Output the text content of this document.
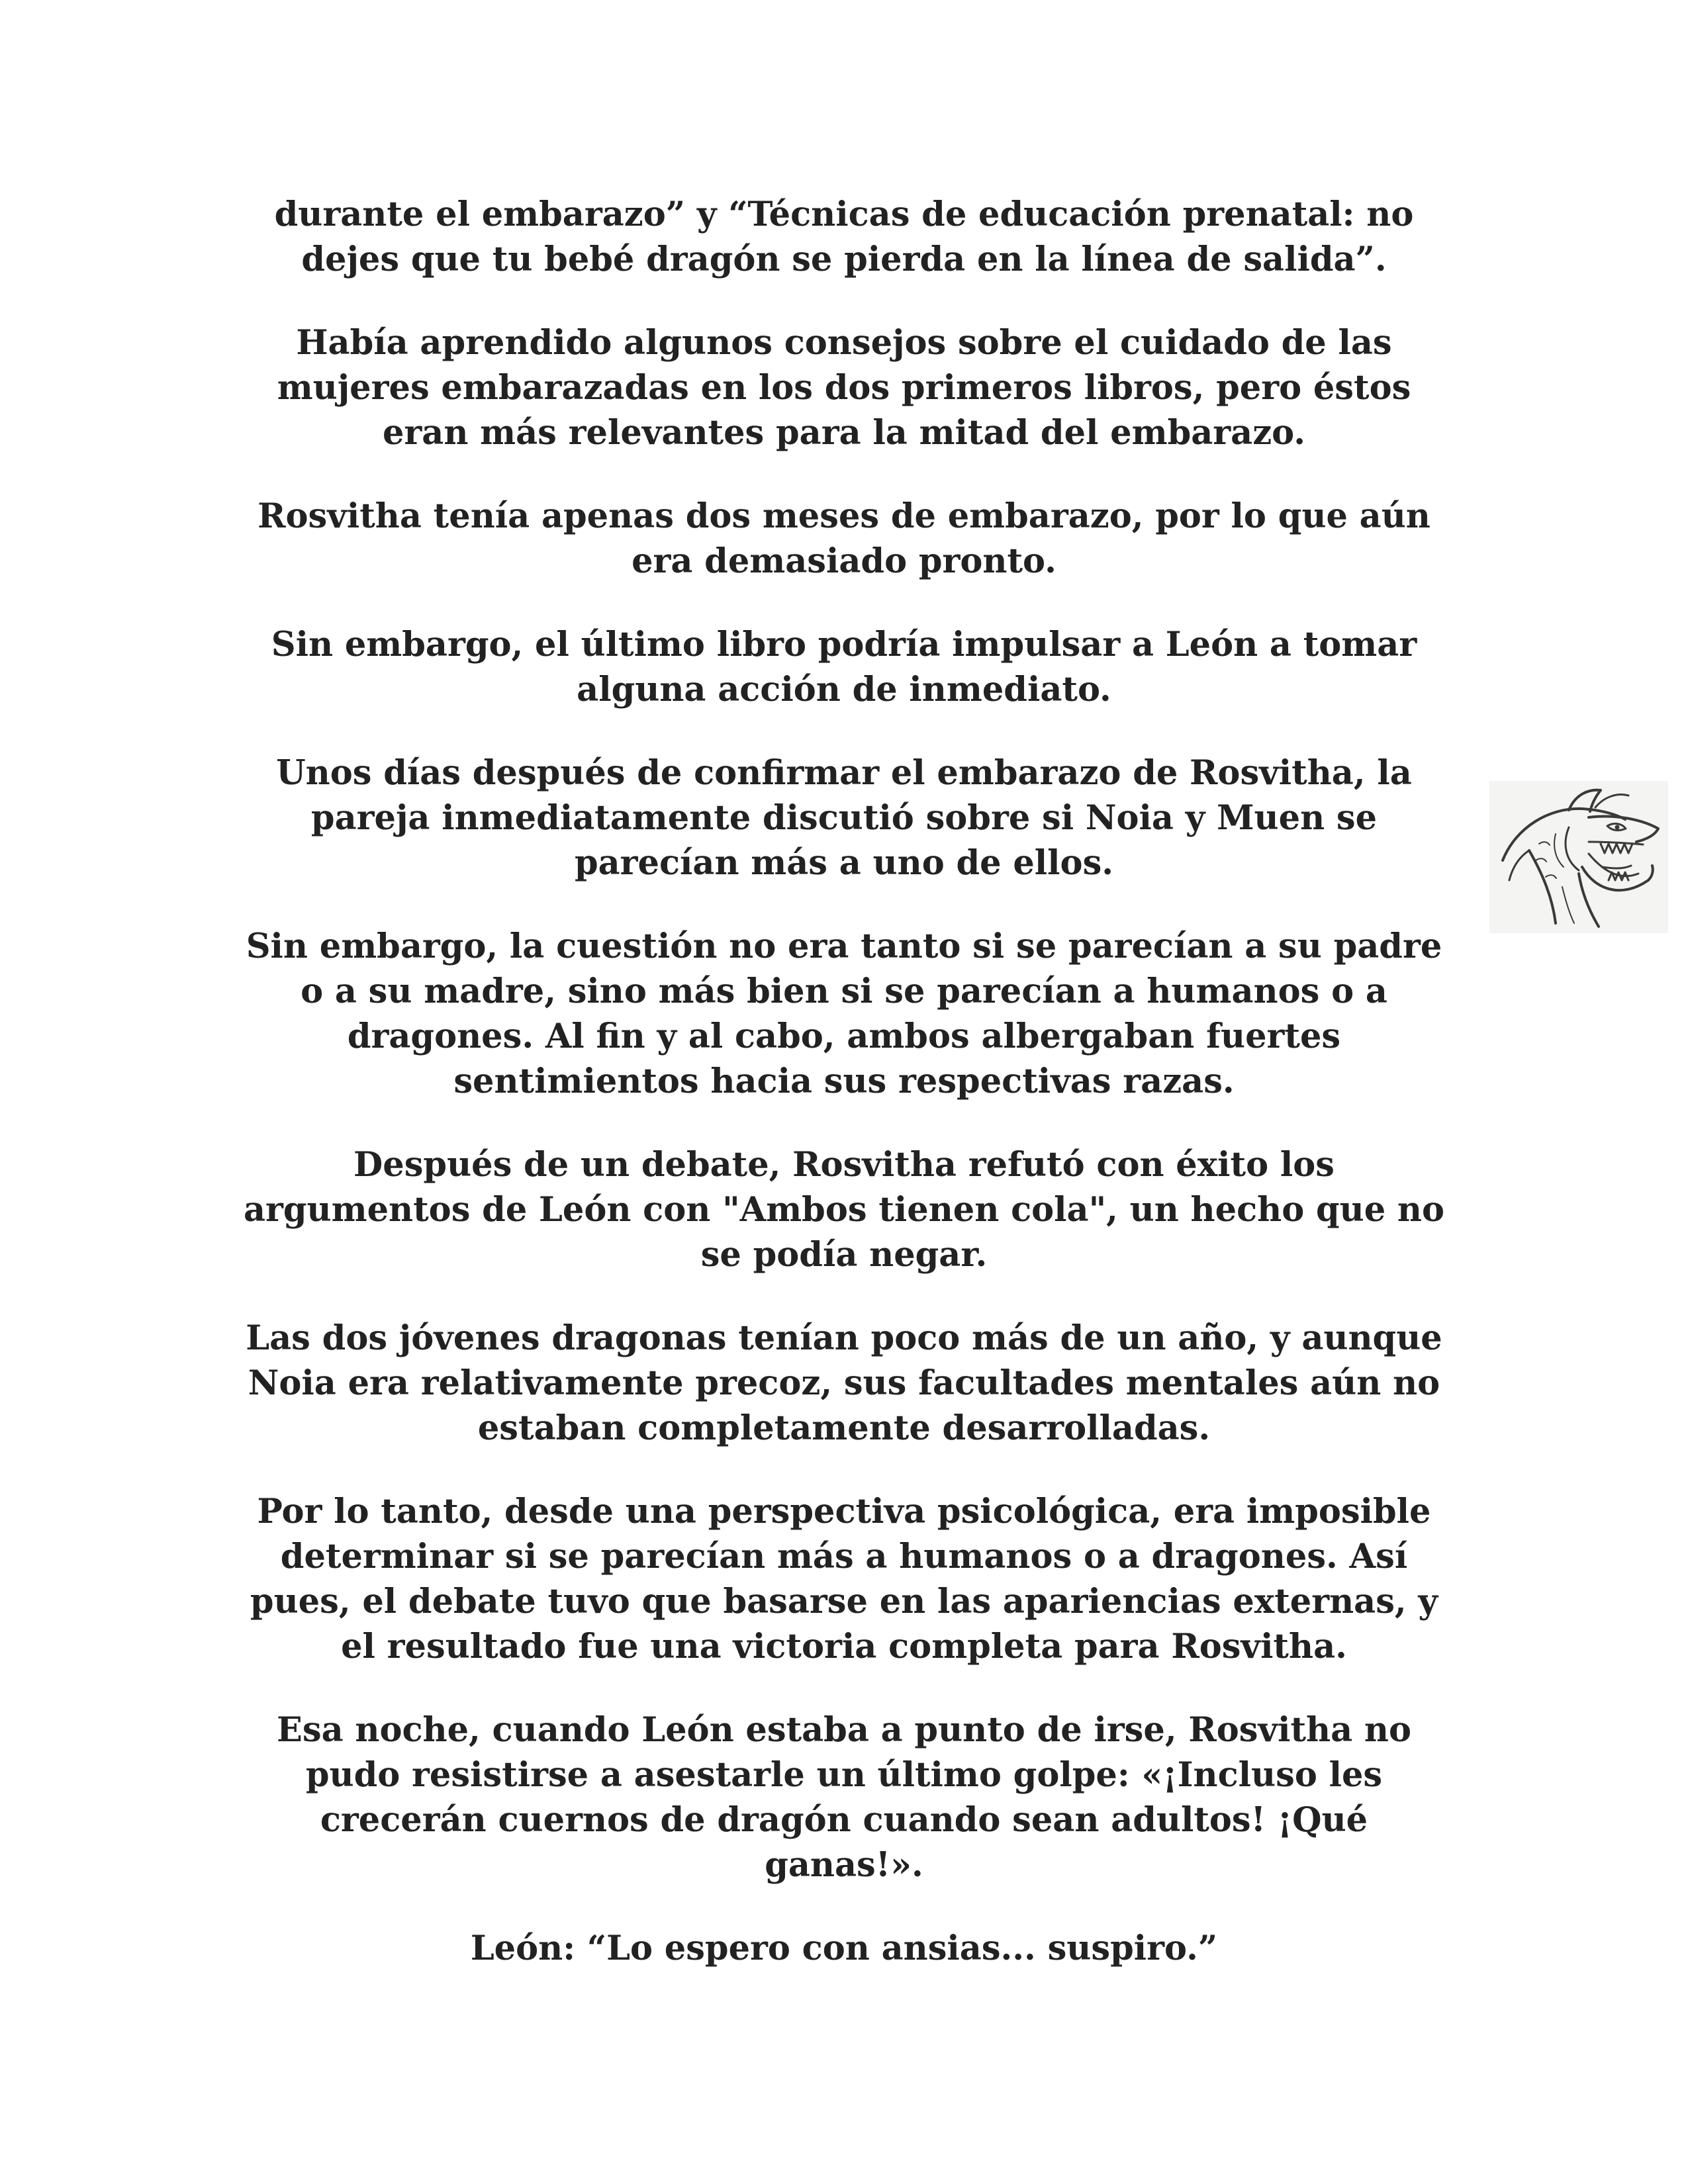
durante el embarazo” y “Técnicas de educación prenatal: no
dejes que tu bebé dragón se pierda en la línea de salida”.

Había aprendido algunos consejos sobre el cuidado de las
mujeres embarazadas en los dos primeros libros, pero éstos
eran más relevantes para la mitad del embarazo.

Rosvitha tenía apenas dos meses de embarazo, por lo que aún
era demasiado pronto.

Sin embargo, el último libro podría impulsar a León a tomar
alguna acción de inmediato.

Unos días después de confirmar el embarazo de Rosvitha, la
pareja inmediatamente discutió sobre si Noia y Muen se
parecían más a uno de ellos.

Sin embargo, la cuestión no era tanto si se parecían a su padre
o a su madre, sino más bien si se parecían a humanos o a
dragones. Al fin y al cabo, ambos albergaban fuertes
sentimientos hacia sus respectivas razas.

Después de un debate, Rosvitha refutó con éxito los
argumentos de León con "Ambos tienen cola", un hecho que no
se podía negar.

Las dos jóvenes dragonas tenían poco más de un año, y aunque
Noia era relativamente precoz, sus facultades mentales aún no
estaban completamente desarrolladas.

Por lo tanto, desde una perspectiva psicológica, era imposible
determinar si se parecían más a humanos o a dragones. Así
pues, el debate tuvo que basarse en las apariencias externas, y
el resultado fue una victoria completa para Rosvitha.

Esa noche, cuando León estaba a punto de irse, Rosvitha no
pudo resistirse a asestarle un último golpe: «¡Incluso les
crecerán cuernos de dragón cuando sean adultos! ¡Qué
ganas!».

León: “Lo espero con ansias... suspiro.”
